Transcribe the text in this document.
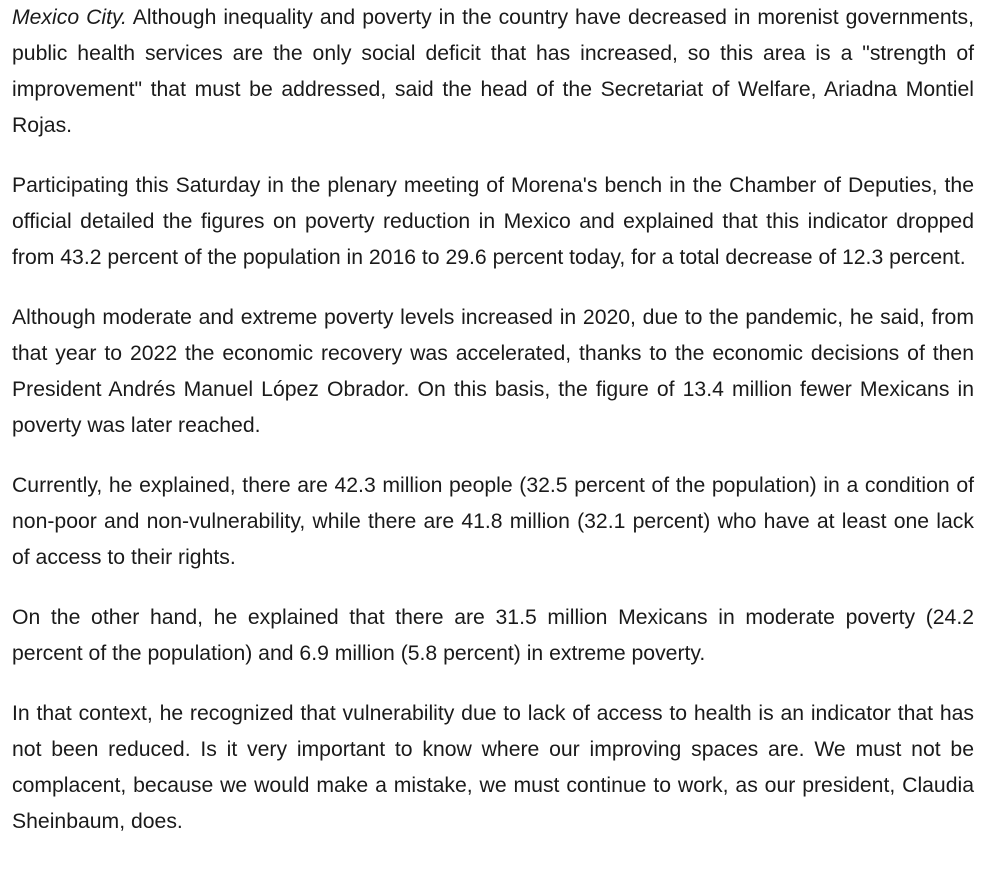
Mexico City. Although inequality and poverty in the country have decreased in morenist governments, public health services are the only social deficit that has increased, so this area is a "strength of improvement" that must be addressed, said the head of the Secretariat of Welfare, Ariadna Montiel Rojas.

Participating this Saturday in the plenary meeting of Morena's bench in the Chamber of Deputies, the official detailed the figures on poverty reduction in Mexico and explained that this indicator dropped from 43.2 percent of the population in 2016 to 29.6 percent today, for a total decrease of 12.3 percent.

Although moderate and extreme poverty levels increased in 2020, due to the pandemic, he said, from that year to 2022 the economic recovery was accelerated, thanks to the economic decisions of then President Andrés Manuel López Obrador. On this basis, the figure of 13.4 million fewer Mexicans in poverty was later reached.

Currently, he explained, there are 42.3 million people (32.5 percent of the population) in a condition of non-poor and non-vulnerability, while there are 41.8 million (32.1 percent) who have at least one lack of access to their rights.

On the other hand, he explained that there are 31.5 million Mexicans in moderate poverty (24.2 percent of the population) and 6.9 million (5.8 percent) in extreme poverty.

In that context, he recognized that vulnerability due to lack of access to health is an indicator that has not been reduced. Is it very important to know where our improving spaces are. We must not be complacent, because we would make a mistake, we must continue to work, as our president, Claudia Sheinbaum, does.
